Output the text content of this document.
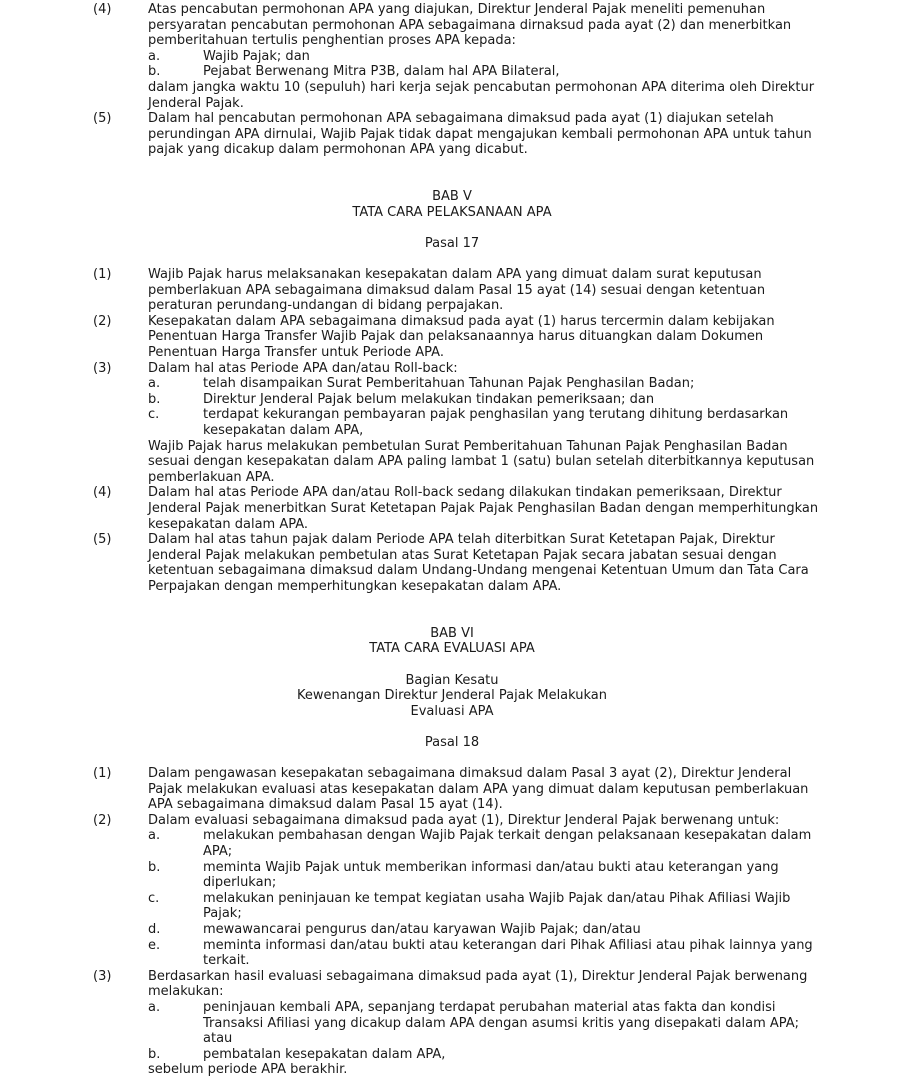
(4)	Atas pencabutan permohonan APA yang diajukan, Direktur Jenderal Pajak meneliti pemenuhan persyaratan pencabutan permohonan APA sebagaimana dirnaksud pada ayat (2) dan menerbitkan pemberitahuan tertulis penghentian proses APA kepada:
a.	Wajib Pajak; dan
b.	Pejabat Berwenang Mitra P3B, dalam hal APA Bilateral,
dalam jangka waktu 10 (sepuluh) hari kerja sejak pencabutan permohonan APA diterima oleh Direktur Jenderal Pajak.
(5)	Dalam hal pencabutan permohonan APA sebagaimana dimaksud pada ayat (1) diajukan setelah perundingan APA dirnulai, Wajib Pajak tidak dapat mengajukan kembali permohonan APA untuk tahun pajak yang dicakup dalam permohonan APA yang dicabut.
BAB V
TATA CARA PELAKSANAAN APA
Pasal 17
(1)	Wajib Pajak harus melaksanakan kesepakatan dalam APA yang dimuat dalam surat keputusan pemberlakuan APA sebagaimana dimaksud dalam Pasal 15 ayat (14) sesuai dengan ketentuan peraturan perundang-undangan di bidang perpajakan.
(2)	Kesepakatan dalam APA sebagaimana dimaksud pada ayat (1) harus tercermin dalam kebijakan Penentuan Harga Transfer Wajib Pajak dan pelaksanaannya harus dituangkan dalam Dokumen Penentuan Harga Transfer untuk Periode APA.
(3)	Dalam hal atas Periode APA dan/atau Roll-back:
a.	telah disampaikan Surat Pemberitahuan Tahunan Pajak Penghasilan Badan;
b.	Direktur Jenderal Pajak belum melakukan tindakan pemeriksaan; dan
c.	terdapat kekurangan pembayaran pajak penghasilan yang terutang dihitung berdasarkan kesepakatan dalam APA,
Wajib Pajak harus melakukan pembetulan Surat Pemberitahuan Tahunan Pajak Penghasilan Badan sesuai dengan kesepakatan dalam APA paling lambat 1 (satu) bulan setelah diterbitkannya keputusan pemberlakuan APA.
(4)	Dalam hal atas Periode APA dan/atau Roll-back sedang dilakukan tindakan pemeriksaan, Direktur Jenderal Pajak menerbitkan Surat Ketetapan Pajak Pajak Penghasilan Badan dengan memperhitungkan kesepakatan dalam APA.
(5)	Dalam hal atas tahun pajak dalam Periode APA telah diterbitkan Surat Ketetapan Pajak, Direktur Jenderal Pajak melakukan pembetulan atas Surat Ketetapan Pajak secara jabatan sesuai dengan ketentuan sebagaimana dimaksud dalam Undang-Undang mengenai Ketentuan Umum dan Tata Cara Perpajakan dengan memperhitungkan kesepakatan dalam APA.
BAB VI
TATA CARA EVALUASI APA
Bagian Kesatu
Kewenangan Direktur Jenderal Pajak Melakukan
Evaluasi APA
Pasal 18
(1)	Dalam pengawasan kesepakatan sebagaimana dimaksud dalam Pasal 3 ayat (2), Direktur Jenderal Pajak melakukan evaluasi atas kesepakatan dalam APA yang dimuat dalam keputusan pemberlakuan APA sebagaimana dimaksud dalam Pasal 15 ayat (14).
(2)	Dalam evaluasi sebagaimana dimaksud pada ayat (1), Direktur Jenderal Pajak berwenang untuk:
a.	melakukan pembahasan dengan Wajib Pajak terkait dengan pelaksanaan kesepakatan dalam APA;
b.	meminta Wajib Pajak untuk memberikan informasi dan/atau bukti atau keterangan yang diperlukan;
c.	melakukan peninjauan ke tempat kegiatan usaha Wajib Pajak dan/atau Pihak Afiliasi Wajib Pajak;
d.	mewawancarai pengurus dan/atau karyawan Wajib Pajak; dan/atau
e.	meminta informasi dan/atau bukti atau keterangan dari Pihak Afiliasi atau pihak lainnya yang terkait.
(3)	Berdasarkan hasil evaluasi sebagaimana dimaksud pada ayat (1), Direktur Jenderal Pajak berwenang melakukan:
a.	peninjauan kembali APA, sepanjang terdapat perubahan material atas fakta dan kondisi Transaksi Afiliasi yang dicakup dalam APA dengan asumsi kritis yang disepakati dalam APA; atau
b.	pembatalan kesepakatan dalam APA,
sebelum periode APA berakhir.
